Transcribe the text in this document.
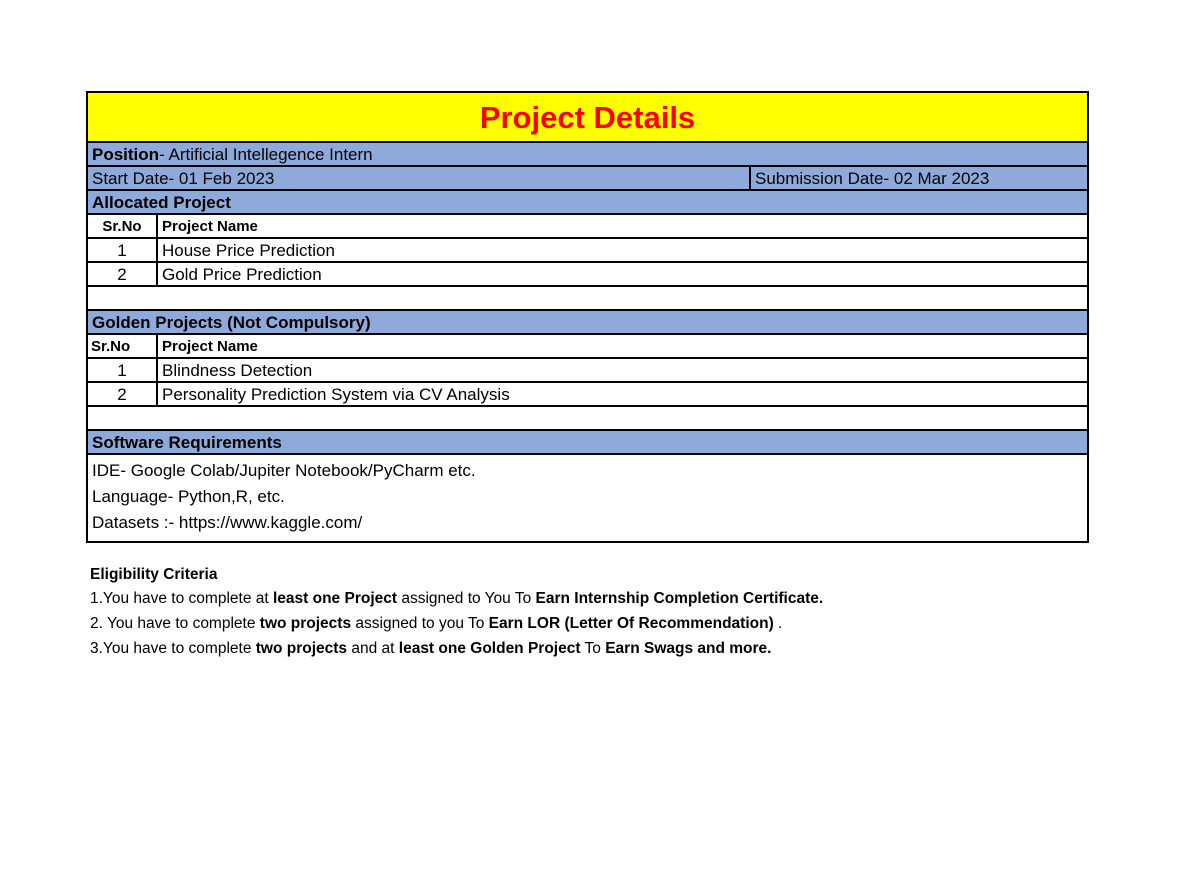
Project Details
Position- Artificial Intellegence Intern
Start Date- 01 Feb 2023	Submission Date- 02 Mar 2023
Allocated Project
Sr.No	Project Name
1	House Price Prediction
2	Gold Price Prediction
Golden Projects (Not Compulsory)
Sr.No	Project Name
1	Blindness Detection
2	Personality Prediction System via CV Analysis
Software Requirements
IDE- Google Colab/Jupiter Notebook/PyCharm etc.
Language- Python,R, etc.
Datasets :- https://www.kaggle.com/
Eligibility Criteria
1.You have to complete at least one Project assigned to You To Earn Internship Completion Certificate.
2. You have to complete two projects assigned to you To Earn LOR (Letter Of Recommendation) .
3.You have to complete two projects and at least one Golden Project To Earn Swags and more.
